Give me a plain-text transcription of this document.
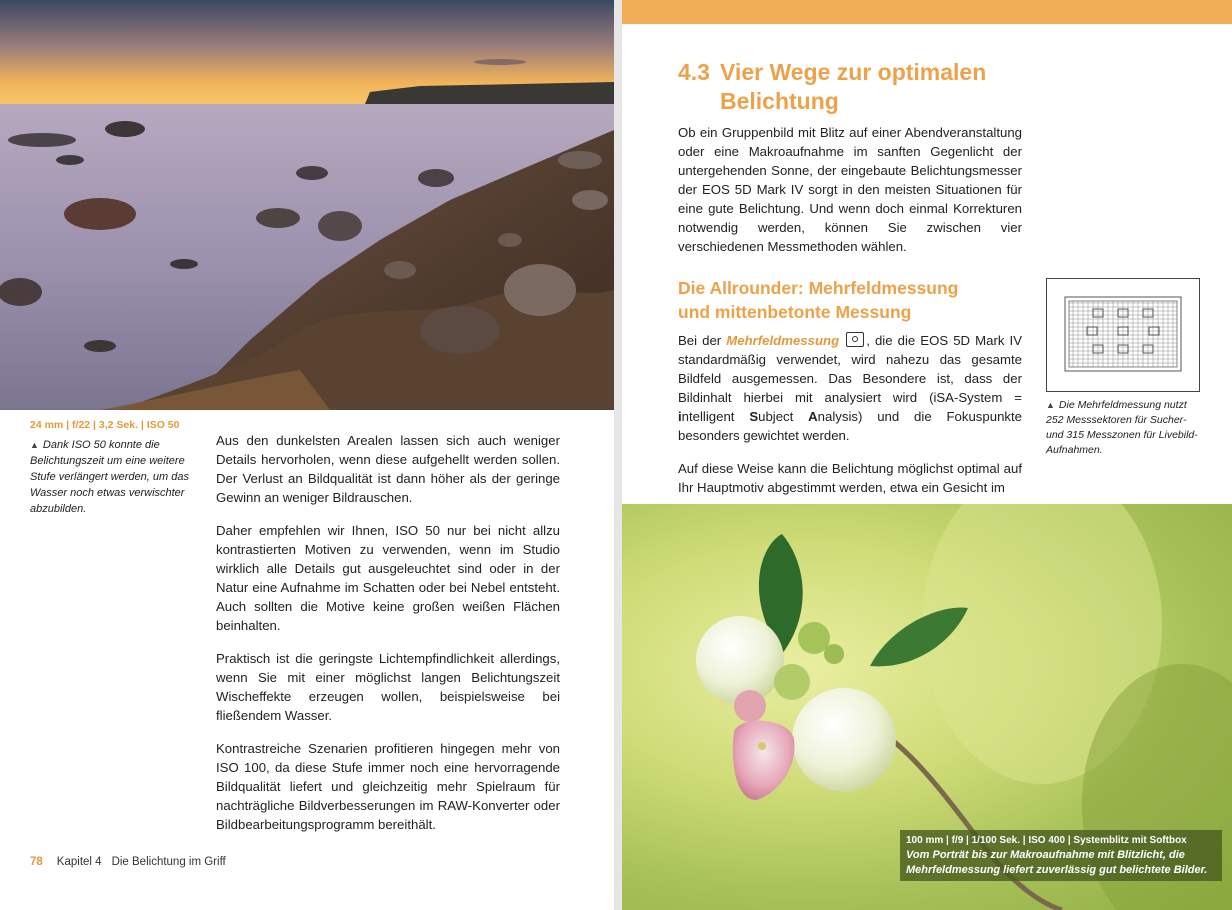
24 mm | f/22 | 3,2 Sek. | ISO 50
▲ Dank ISO 50 konnte die Belichtungszeit um eine weitere Stufe verlängert werden, um das Wasser noch etwas verwischter abzubilden.

Aus den dunkelsten Arealen lassen sich auch weniger Details hervorholen, wenn diese aufgehellt werden sollen. Der Verlust an Bildqualität ist dann höher als der geringe Gewinn an weniger Bildrauschen.

Daher empfehlen wir Ihnen, ISO 50 nur bei nicht allzu kontrastierten Motiven zu verwenden, wenn im Studio wirklich alle Details gut ausgeleuchtet sind oder in der Natur eine Aufnahme im Schatten oder bei Nebel entsteht. Auch sollten die Motive keine großen weißen Flächen beinhalten.

Praktisch ist die geringste Lichtempfindlichkeit allerdings, wenn Sie mit einer möglichst langen Belichtungszeit Wischeffekte erzeugen wollen, beispielsweise bei fließendem Wasser.

Kontrastreiche Szenarien profitieren hingegen mehr von ISO 100, da diese Stufe immer noch eine hervorragende Bildqualität liefert und gleichzeitig mehr Spielraum für nachträgliche Bildverbesserungen im RAW-Konverter oder Bildbearbeitungsprogramm bereithält.

78 Kapitel 4 Die Belichtung im Griff
4.3 Vier Wege zur optimalen
Belichtung

Ob ein Gruppenbild mit Blitz auf einer Abendveranstaltung oder eine Makroaufnahme im sanften Gegenlicht der untergehenden Sonne, der eingebaute Belichtungsmesser der EOS 5D Mark IV sorgt in den meisten Situationen für eine gute Belichtung. Und wenn doch einmal Korrekturen notwendig werden, können Sie zwischen vier verschiedenen Messmethoden wählen.

Die Allrounder: Mehrfeldmessung
und mittenbetonte Messung

Bei der Mehrfeldmessung , die die EOS 5D Mark IV standardmäßig verwendet, wird nahezu das gesamte Bildfeld ausgemessen. Das Besondere ist, dass der Bildinhalt hierbei mit analysiert wird (iSA-System = intelligent Subject Analysis) und die Fokuspunkte besonders gewichtet werden.

Auf diese Weise kann die Belichtung möglichst optimal auf Ihr Hauptmotiv abgestimmt werden, etwa ein Gesicht im

▲ Die Mehrfeldmessung nutzt 252 Messsektoren für Sucher- und 315 Messzonen für Livebild-Aufnahmen.
100 mm | f/9 | 1/100 Sek. | ISO 400 | Systemblitz mit Softbox
Vom Porträt bis zur Makroaufnahme mit Blitzlicht, die Mehrfeldmessung liefert zuverlässig gut belichtete Bilder.
